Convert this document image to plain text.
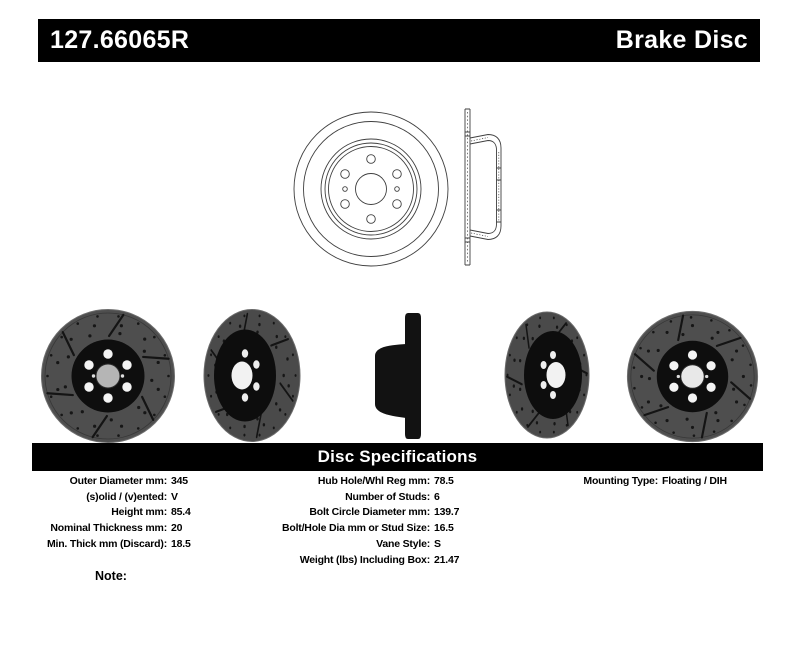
127.66065R	Brake Disc
Disc Specifications
Outer Diameter mm: 345
(s)olid / (v)ented: V
Height mm: 85.4
Nominal Thickness mm: 20
Min. Thick mm (Discard): 18.5
Hub Hole/Whl Reg mm: 78.5
Number of Studs: 6
Bolt Circle Diameter mm: 139.7
Bolt/Hole Dia mm or Stud Size: 16.5
Vane Style: S
Weight (lbs) Including Box: 21.47
Mounting Type: Floating / DIH
Note:
